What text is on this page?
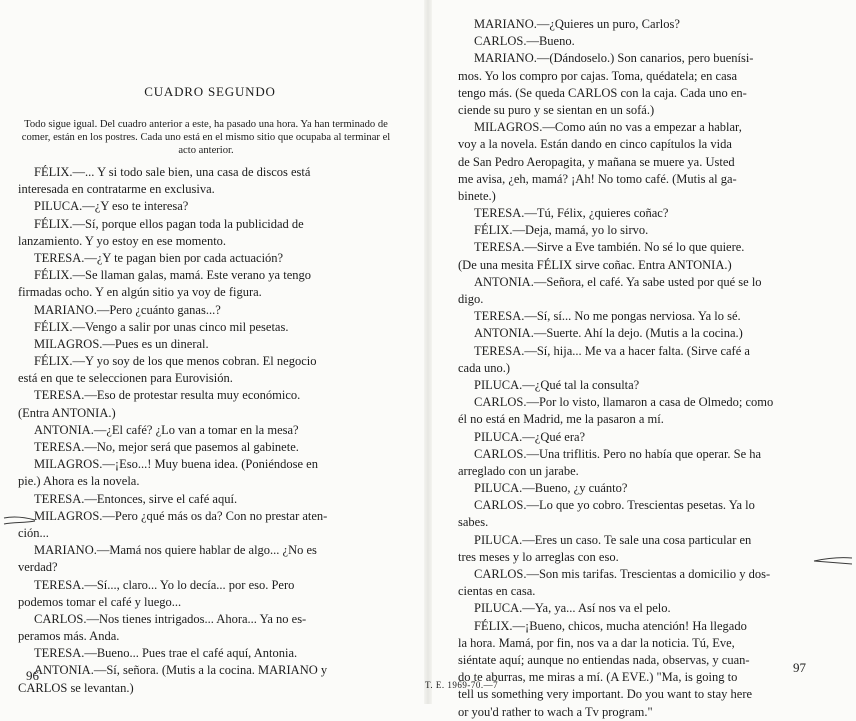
CUADRO SEGUNDO
Todo sigue igual. Del cuadro anterior a este, ha pasado una hora. Ya han terminado de comer, están en los postres. Cada uno está en el mismo sitio que ocupaba al terminar el acto anterior.
FÉLIX.—... Y si todo sale bien, una casa de discos está
interesada en contratarme en exclusiva.
PILUCA.—¿Y eso te interesa?
FÉLIX.—Sí, porque ellos pagan toda la publicidad de
lanzamiento. Y yo estoy en ese momento.
TERESA.—¿Y te pagan bien por cada actuación?
FÉLIX.—Se llaman galas, mamá. Este verano ya tengo
firmadas ocho. Y en algún sitio ya voy de figura.
MARIANO.—Pero ¿cuánto ganas...?
FÉLIX.—Vengo a salir por unas cinco mil pesetas.
MILAGROS.—Pues es un dineral.
FÉLIX.—Y yo soy de los que menos cobran. El negocio
está en que te seleccionen para Eurovisión.
TERESA.—Eso de protestar resulta muy económico.
(Entra ANTONIA.)
ANTONIA.—¿El café? ¿Lo van a tomar en la mesa?
TERESA.—No, mejor será que pasemos al gabinete.
MILAGROS.—¡Eso...! Muy buena idea. (Poniéndose en
pie.) Ahora es la novela.
TERESA.—Entonces, sirve el café aquí.
MILAGROS.—Pero ¿qué más os da? Con no prestar aten-
ción...
MARIANO.—Mamá nos quiere hablar de algo... ¿No es
verdad?
TERESA.—Sí..., claro... Yo lo decía... por eso. Pero
podemos tomar el café y luego...
CARLOS.—Nos tienes intrigados... Ahora... Ya no es-
peramos más. Anda.
TERESA.—Bueno... Pues trae el café aquí, Antonia.
ANTONIA.—Sí, señora. (Mutis a la cocina. MARIANO y
CARLOS se levantan.)
96
97
T. E. 1969-70.—7
MARIANO.—¿Quieres un puro, Carlos?
CARLOS.—Bueno.
MARIANO.—(Dándoselo.) Son canarios, pero buenísi-
mos. Yo los compro por cajas. Toma, quédatela; en casa
tengo más. (Se queda CARLOS con la caja. Cada uno en-
ciende su puro y se sientan en un sofá.)
MILAGROS.—Como aún no vas a empezar a hablar,
voy a la novela. Están dando en cinco capítulos la vida
de San Pedro Aeropagita, y mañana se muere ya. Usted
me avisa, ¿eh, mamá? ¡Ah! No tomo café. (Mutis al ga-
binete.)
TERESA.—Tú, Félix, ¿quieres coñac?
FÉLIX.—Deja, mamá, yo lo sirvo.
TERESA.—Sirve a Eve también. No sé lo que quiere.
(De una mesita FÉLIX sirve coñac. Entra ANTONIA.)
ANTONIA.—Señora, el café. Ya sabe usted por qué se lo
digo.
TERESA.—Sí, sí... No me pongas nerviosa. Ya lo sé.
ANTONIA.—Suerte. Ahí la dejo. (Mutis a la cocina.)
TERESA.—Sí, hija... Me va a hacer falta. (Sirve café a
cada uno.)
PILUCA.—¿Qué tal la consulta?
CARLOS.—Por lo visto, llamaron a casa de Olmedo; como
él no está en Madrid, me la pasaron a mí.
PILUCA.—¿Qué era?
CARLOS.—Una triflitis. Pero no había que operar. Se ha
arreglado con un jarabe.
PILUCA.—Bueno, ¿y cuánto?
CARLOS.—Lo que yo cobro. Trescientas pesetas. Ya lo
sabes.
PILUCA.—Eres un caso. Te sale una cosa particular en
tres meses y lo arreglas con eso.
CARLOS.—Son mis tarifas. Trescientas a domicilio y dos-
cientas en casa.
PILUCA.—Ya, ya... Así nos va el pelo.
FÉLIX.—¡Bueno, chicos, mucha atención! Ha llegado
la hora. Mamá, por fin, nos va a dar la noticia. Tú, Eve,
siéntate aquí; aunque no entiendas nada, observas, y cuan-
do te aburras, me miras a mí. (A EVE.) "Ma, is going to
tell us something very important. Do you want to stay here
or you'd rather to wach a Tv program."
